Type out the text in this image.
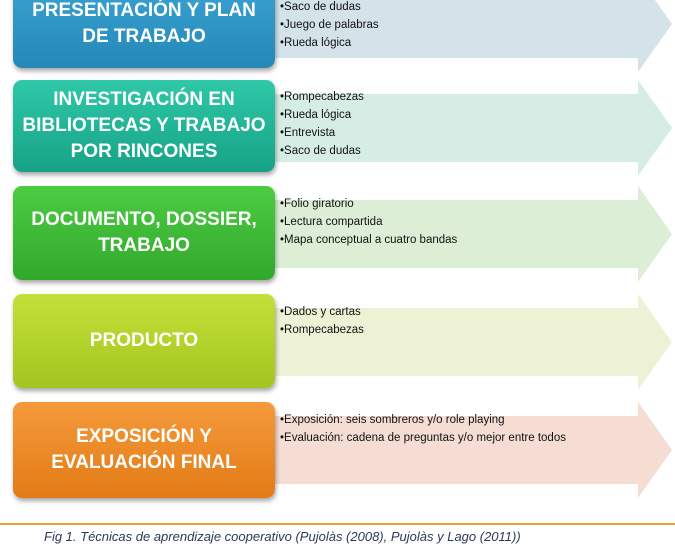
PRESENTACIÓN Y PLAN DE TRABAJO
• Saco de dudas
• Juego de palabras
• Rueda lógica
INVESTIGACIÓN EN BIBLIOTECAS Y TRABAJO POR RINCONES
• Rompecabezas
• Rueda lógica
• Entrevista
• Saco de dudas
DOCUMENTO, DOSSIER, TRABAJO
• Folio giratorio
• Lectura compartida
• Mapa conceptual a cuatro bandas
PRODUCTO
• Dados y cartas
• Rompecabezas
EXPOSICIÓN Y EVALUACIÓN FINAL
• Exposición: seis sombreros y/o role playing
• Evaluación: cadena de preguntas y/o mejor entre todos
Fig 1. Técnicas de aprendizaje cooperativo (Pujolàs (2008), Pujolàs y Lago (2011))
